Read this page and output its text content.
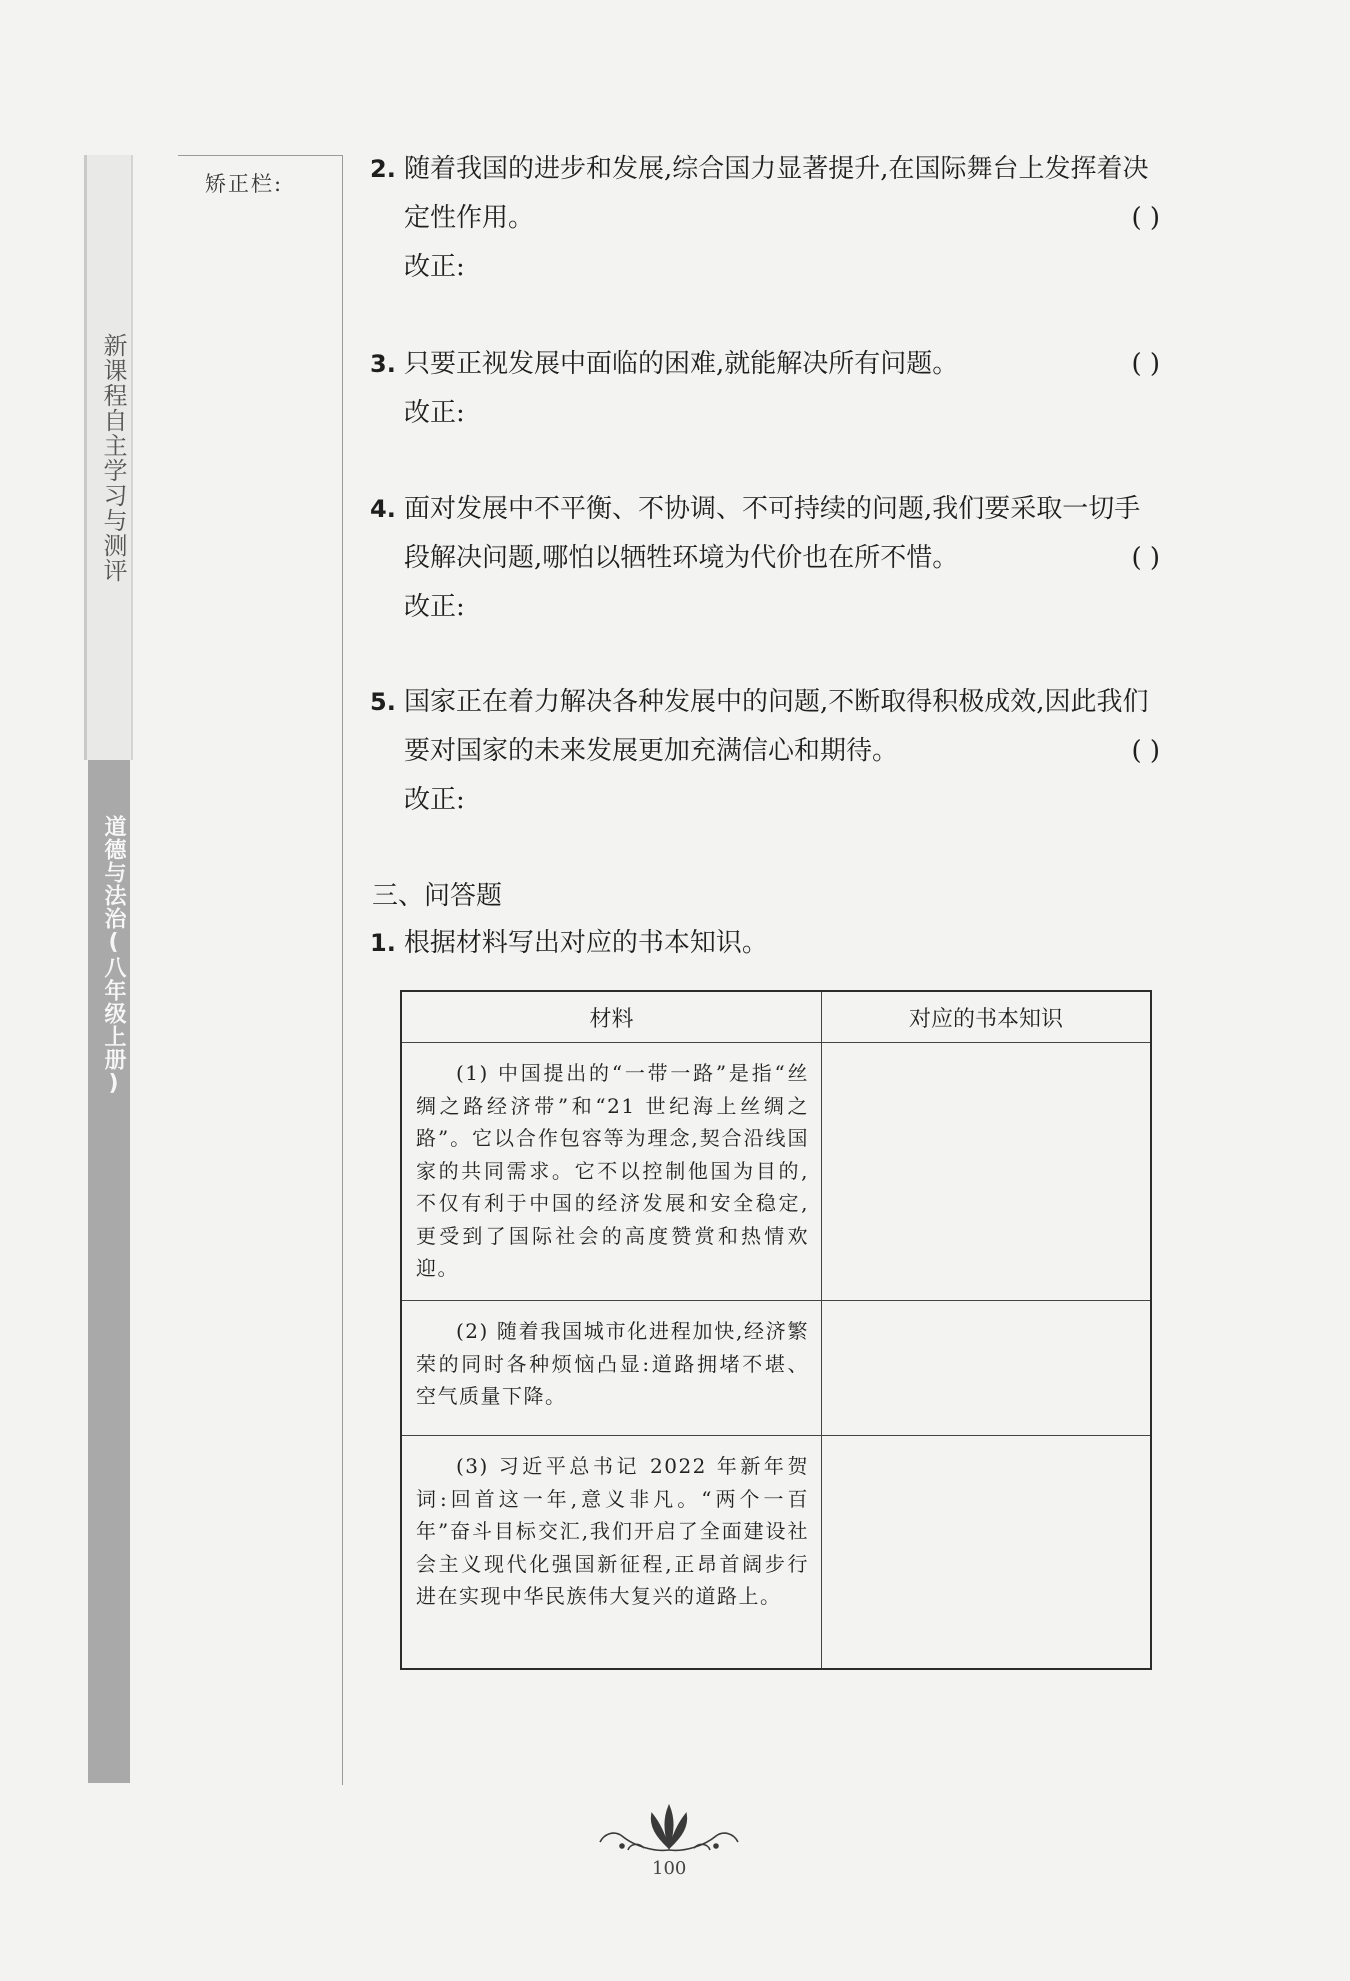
新课程自主学习与测评
道德与法治(八年级上册)
矫正栏:
2. 随着我国的进步和发展,综合国力显著提升,在国际舞台上发挥着决定性作用。	( )
改正:
3. 只要正视发展中面临的困难,就能解决所有问题。	( )
改正:
4. 面对发展中不平衡、不协调、不可持续的问题,我们要采取一切手段解决问题,哪怕以牺牲环境为代价也在所不惜。	( )
改正:
5. 国家正在着力解决各种发展中的问题,不断取得积极成效,因此我们要对国家的未来发展更加充满信心和期待。	( )
改正:
三、问答题
1. 根据材料写出对应的书本知识。
材料	对应的书本知识

(1) 中国提出的“一带一路”是指“丝绸之路经济带”和“21 世纪海上丝绸之路”。它以合作包容等为理念,契合沿线国家的共同需求。它不以控制他国为目的,不仅有利于中国的经济发展和安全稳定,更受到了国际社会的高度赞赏和热情欢迎。	

(2) 随着我国城市化进程加快,经济繁荣的同时各种烦恼凸显:道路拥堵不堪、空气质量下降。	

(3) 习近平总书记 2022 年新年贺词:回首这一年,意义非凡。“两个一百年”奋斗目标交汇,我们开启了全面建设社会主义现代化强国新征程,正昂首阔步行进在实现中华民族伟大复兴的道路上。	

100
